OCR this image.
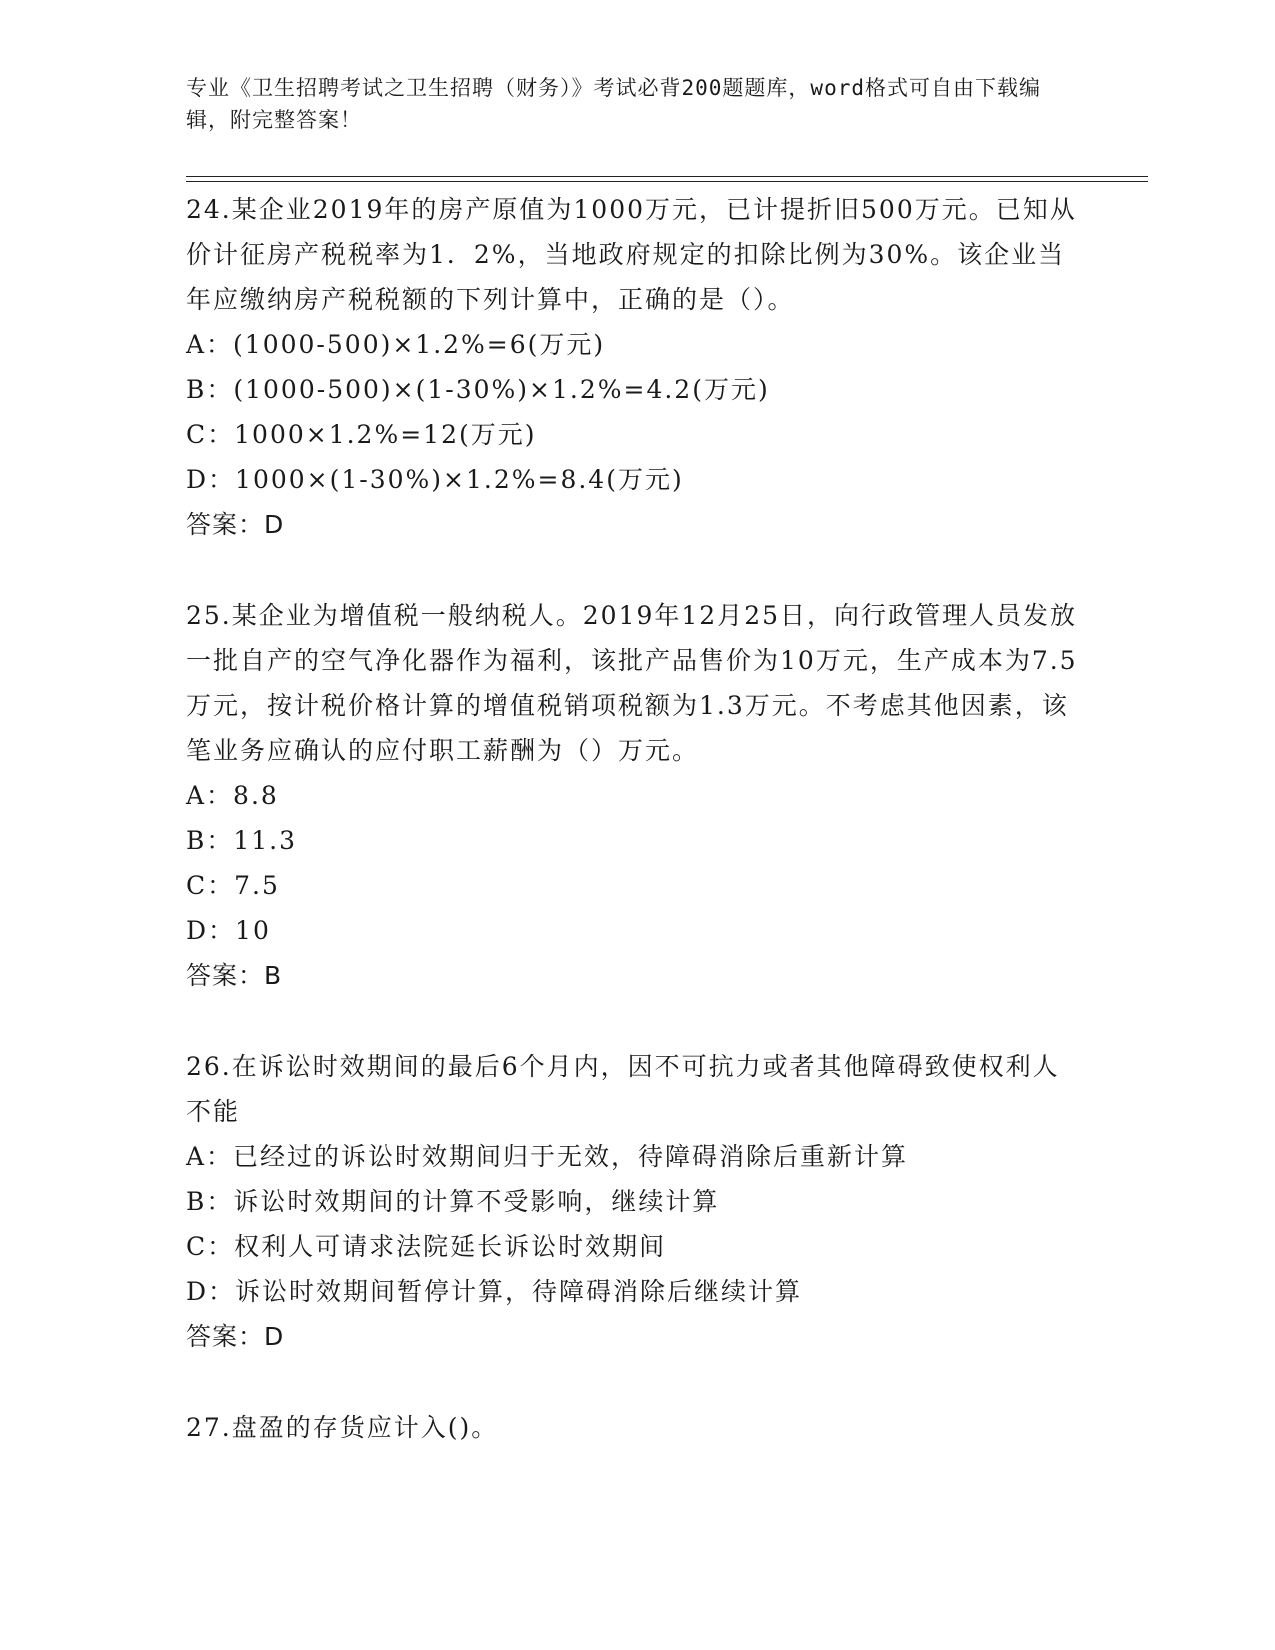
专业《卫生招聘考试之卫生招聘（财务）》考试必背200题题库，word格式可自由下载编辑，附完整答案！

24.某企业2019年的房产原值为1000万元，已计提折旧500万元。已知从价计征房产税税率为1．2%，当地政府规定的扣除比例为30%。该企业当年应缴纳房产税税额的下列计算中，正确的是（）。

A：(1000-500)×1.2%=6(万元)

B：(1000-500)×(1-30%)×1.2%=4.2(万元)

C：1000×1.2%=12(万元)

D：1000×(1-30%)×1.2%=8.4(万元)

答案：D

25.某企业为增值税一般纳税人。2019年12月25日，向行政管理人员发放一批自产的空气净化器作为福利，该批产品售价为10万元，生产成本为7.5万元，按计税价格计算的增值税销项税额为1.3万元。不考虑其他因素，该笔业务应确认的应付职工薪酬为（）万元。

A：8.8

B：11.3

C：7.5

D：10

答案：B

26.在诉讼时效期间的最后6个月内，因不可抗力或者其他障碍致使权利人不能

A：已经过的诉讼时效期间归于无效，待障碍消除后重新计算

B：诉讼时效期间的计算不受影响，继续计算

C：权利人可请求法院延长诉讼时效期间

D：诉讼时效期间暂停计算，待障碍消除后继续计算

答案：D

27.盘盈的存货应计入()。
